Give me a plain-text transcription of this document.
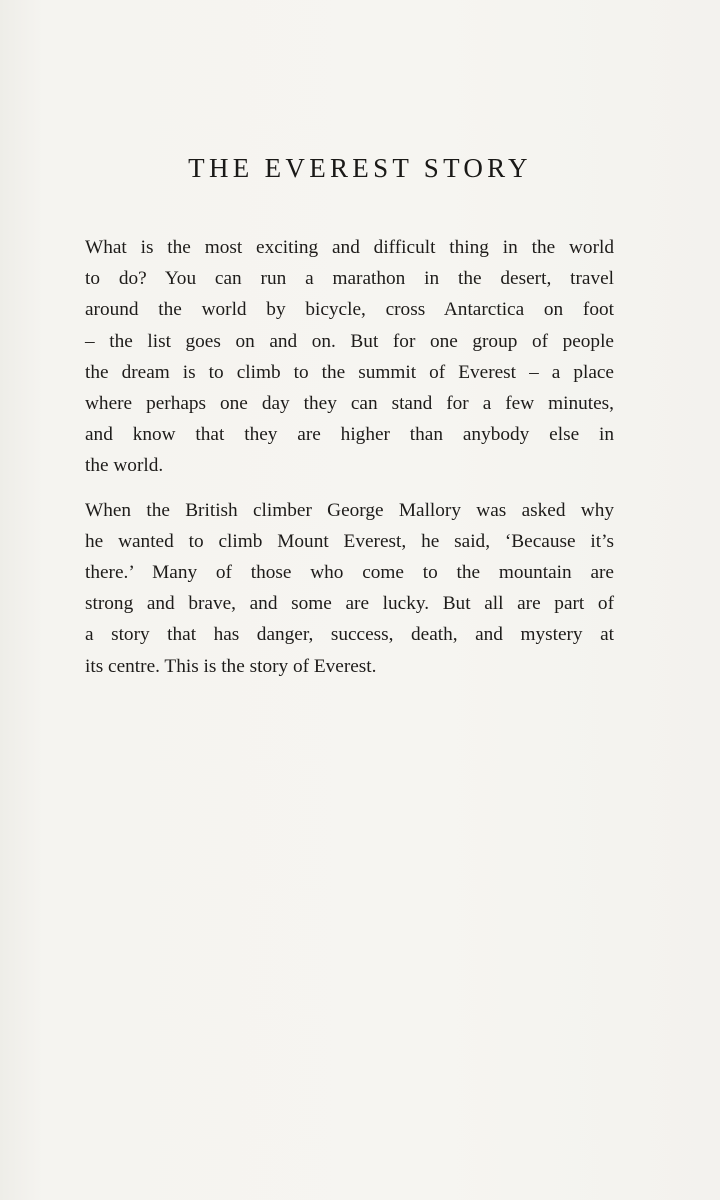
THE EVEREST STORY

What is the most exciting and difficult thing in the world
to do? You can run a marathon in the desert, travel
around the world by bicycle, cross Antarctica on foot
– the list goes on and on. But for one group of people
the dream is to climb to the summit of Everest – a place
where perhaps one day they can stand for a few minutes,
and know that they are higher than anybody else in
the world.

When the British climber George Mallory was asked why
he wanted to climb Mount Everest, he said, ‘Because it’s
there.’ Many of those who come to the mountain are
strong and brave, and some are lucky. But all are part of
a story that has danger, success, death, and mystery at
its centre. This is the story of Everest.
